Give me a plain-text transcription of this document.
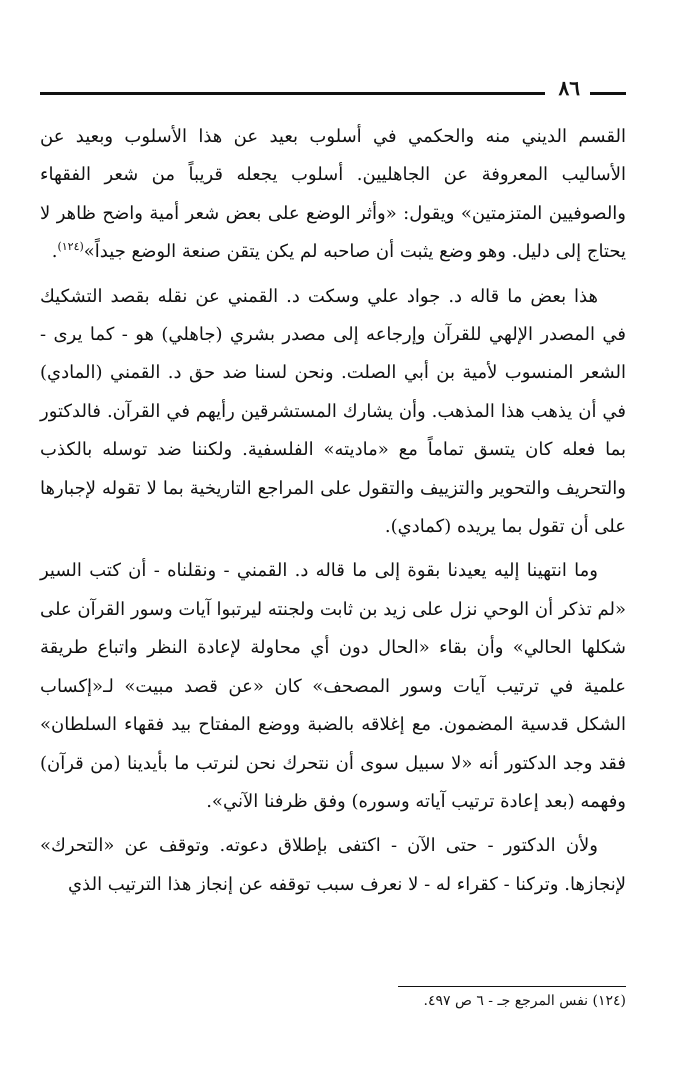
٨٦

القسم الديني منه والحكمي في أسلوب بعيد عن هذا الأسلوب وبعيد عن الأساليب المعروفة عن الجاهليين. أسلوب يجعله قريباً من شعر الفقهاء والصوفيين المتزمتين» ويقول: «وأثر الوضع على بعض شعر أمية واضح ظاهر لا يحتاج إلى دليل. وهو وضع يثبت أن صاحبه لم يكن يتقن صنعة الوضع جيداً»$^{(١٢٤)}$.

هذا بعض ما قاله د. جواد علي وسكت د. القمني عن نقله بقصد التشكيك في المصدر الإلهي للقرآن وإرجاعه إلى مصدر بشري (جاهلي) هو - كما يرى - الشعر المنسوب لأمية بن أبي الصلت. ونحن لسنا ضد حق د. القمني (المادي) في أن يذهب هذا المذهب. وأن يشارك المستشرقين رأيهم في القرآن. فالدكتور بما فعله كان يتسق تماماً مع «ماديته» الفلسفية. ولكننا ضد توسله بالكذب والتحريف والتحوير والتزييف والتقول على المراجع التاريخية بما لا تقوله لإجبارها على أن تقول بما يريده (كمادي).

وما انتهينا إليه يعيدنا بقوة إلى ما قاله د. القمني - ونقلناه - أن كتب السير «لم تذكر أن الوحي نزل على زيد بن ثابت ولجنته ليرتبوا آيات وسور القرآن على شكلها الحالي» وأن بقاء «الحال دون أي محاولة لإعادة النظر واتباع طريقة علمية في ترتيب آيات وسور المصحف» كان «عن قصد مبيت» لـ«إكساب الشكل قدسية المضمون. مع إغلاقه بالضبة ووضع المفتاح بيد فقهاء السلطان» فقد وجد الدكتور أنه «لا سبيل سوى أن نتحرك نحن لنرتب ما بأيدينا (من قرآن) وفهمه (بعد إعادة ترتيب آياته وسوره) وفق ظرفنا الآني».

ولأن الدكتور - حتى الآن - اكتفى بإطلاق دعوته. وتوقف عن «التحرك» لإنجازها. وتركنا - كقراء له - لا نعرف سبب توقفه عن إنجاز هذا الترتيب الذي

(١٢٤) نفس المرجع جـ - ٦ ص ٤٩٧.
